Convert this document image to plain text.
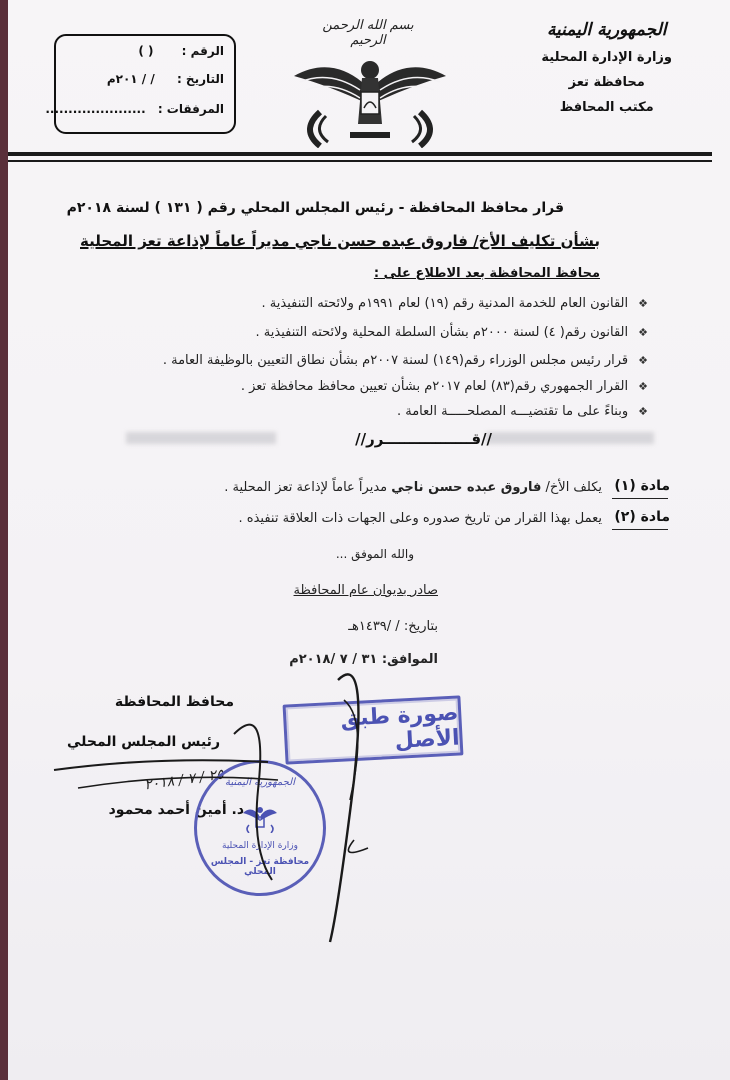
الجمهورية اليمنية
وزارة الإدارة المحلية
محافظة تعز
مكتب المحافظ
بسم الله الرحمن الرحيم
الرقم : ( )
التاريخ : / / ٢٠١م
المرفقات : ......................
قرار محافظ المحافظة - رئيس المجلس المحلي رقم ( ١٣١ ) لسنة ٢٠١٨م
بشأن تكليف الأخ/ فاروق عبده حسن ناجي مديراً عاماً لإذاعة تعز المحلية
محافظ المحافظة بعد الاطلاع على :
❖القانون العام للخدمة المدنية رقم (١٩) لعام ١٩٩١م ولائحته التنفيذية .
❖القانون رقم( ٤) لسنة ٢٠٠٠م بشأن السلطة المحلية ولائحته التنفيذية .
❖قرار رئيس مجلس الوزراء رقم(١٤٩) لسنة ٢٠٠٧م بشأن نطاق التعيين بالوظيفة العامة .
❖القرار الجمهوري رقم(٨٣) لعام ٢٠١٧م بشأن تعيين محافظ محافظة تعز .
❖وبناءً على ما تقتضيـــه المصلحـــــة العامة .
//قـــــــــــــــــرر//
مادة (١)
يكلف الأخ/ فاروق عبده حسن ناجي مديراً عاماً لإذاعة تعز المحلية .
مادة (٢)
يعمل بهذا القرار من تاريخ صدوره وعلى الجهات ذات العلاقة تنفيذه .
والله الموفق ...
صادر بديوان عام المحافظة
بتاريخ: / /١٤٣٩هـ
الموافق: ٣١ / ٧ /٢٠١٨م
صورة طبق الأصل
محافظ المحافظة
رئيس المجلس المحلي
٢٥ / ٧ / ٢٠١٨
د. أمين أحمد محمود
الجمهورية اليمنية
وزارة الإدارة المحلية
محافظة تعز - المجلس المحلي
